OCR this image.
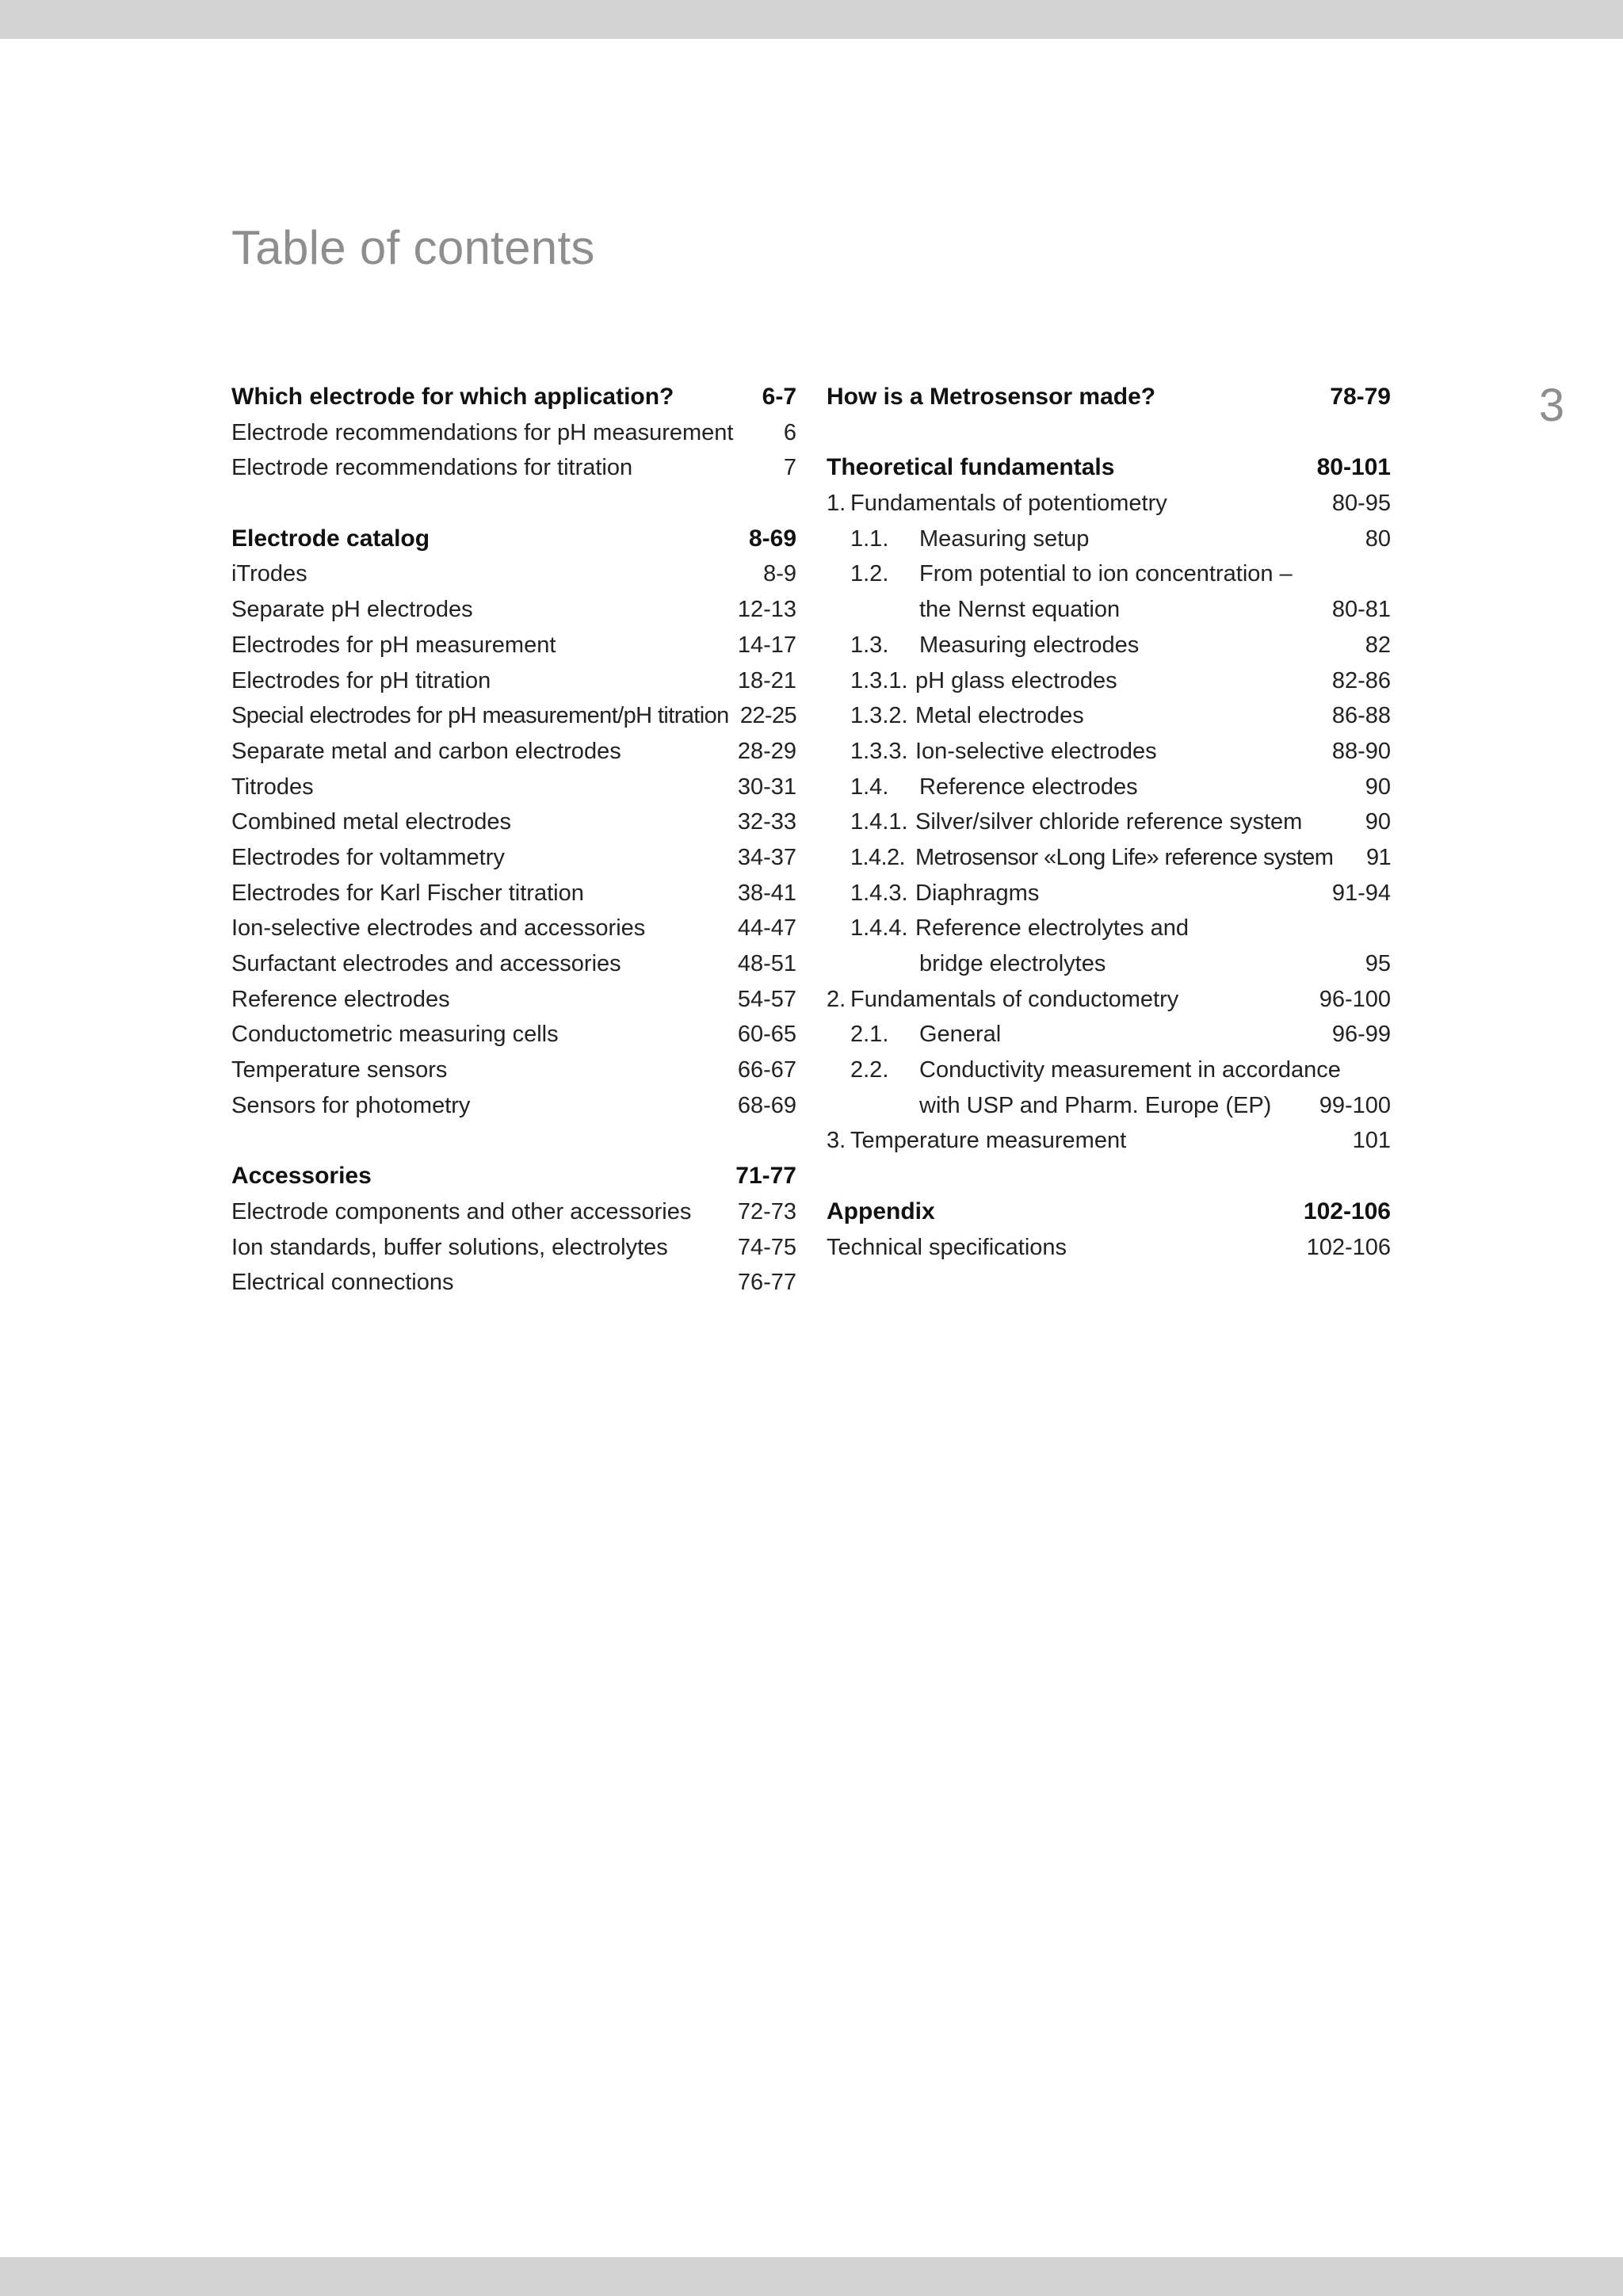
Table of contents
3
Which electrode for which application?	6-7
Electrode recommendations for pH measurement 6
Electrode recommendations for titration	7
Electrode catalog	8-69
iTrodes	8-9
Separate pH electrodes	12-13
Electrodes for pH measurement	14-17
Electrodes for pH titration	18-21
Special electrodes for pH measurement/pH titration 22-25
Separate metal and carbon electrodes	28-29
Titrodes	30-31
Combined metal electrodes	32-33
Electrodes for voltammetry	34-37
Electrodes for Karl Fischer titration	38-41
Ion-selective electrodes and accessories	44-47
Surfactant electrodes and accessories	48-51
Reference electrodes	54-57
Conductometric measuring cells	60-65
Temperature sensors	66-67
Sensors for photometry	68-69
Accessories	71-77
Electrode components and other accessories 72-73
Ion standards, buffer solutions, electrolytes	74-75
Electrical connections	76-77
How is a Metrosensor made?	78-79
Theoretical fundamentals	80-101
1. Fundamentals of potentiometry	80-95
1.1. Measuring setup	80
1.2. From potential to ion concentration –
the Nernst equation	80-81
1.3. Measuring electrodes	82
1.3.1. pH glass electrodes	82-86
1.3.2. Metal electrodes	86-88
1.3.3. Ion-selective electrodes	88-90
1.4. Reference electrodes	90
1.4.1. Silver/silver chloride reference system	90
1.4.2. Metrosensor «Long Life» reference system 91
1.4.3. Diaphragms	91-94
1.4.4. Reference electrolytes and
bridge electrolytes	95
2. Fundamentals of conductometry	96-100
2.1. General	96-99
2.2. Conductivity measurement in accordance
with USP and Pharm. Europe (EP) 99-100
3. Temperature measurement	101
Appendix	102-106
Technical specifications	102-106
